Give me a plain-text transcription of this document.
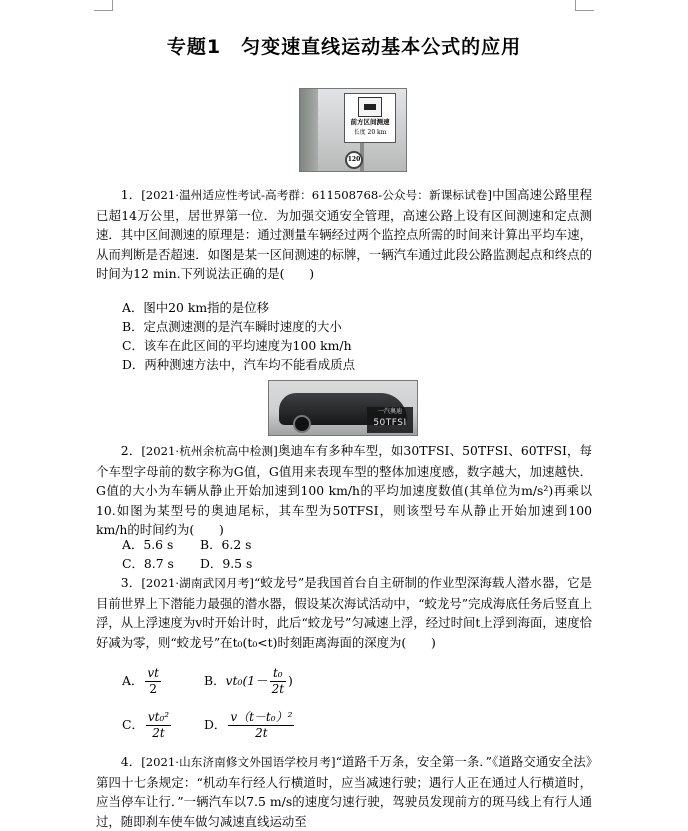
专题1　匀变速直线运动基本公式的应用
前方区间测速
长度 20 km
120
1．[2021·温州适应性考试-高考群：611508768-公众号：新课标试卷]中国高速公路里程已超14万公里，居世界第一位．为加强交通安全管理，高速公路上设有区间测速和定点测速．其中区间测速的原理是：通过测量车辆经过两个监控点所需的时间来计算出平均车速，从而判断是否超速．如图是某一区间测速的标牌，一辆汽车通过此段公路监测起点和终点的时间为12 min.下列说法正确的是(　　)
A．图中20 km指的是位移
B．定点测速测的是汽车瞬时速度的大小
C．该车在此区间的平均速度为100 km/h
D．两种测速方法中，汽车均不能看成质点
一汽奥迪
50TFSI
2．[2021·杭州余杭高中检测]奥迪车有多种车型，如30TFSI、50TFSI、60TFSI，每个车型字母前的数字称为G值，G值用来表现车型的整体加速度感，数字越大，加速越快．G值的大小为车辆从静止开始加速到100 km/h的平均加速度数值(其单位为m/s²)再乘以10.如图为某型号的奥迪尾标，其车型为50TFSI，则该型号车从静止开始加速到100 km/h的时间约为(　　)
A．5.6 s B．6.2 s
C．8.7 s D．9.5 s
3．[2021·湖南武冈月考]“蛟龙号”是我国首台自主研制的作业型深海载人潜水器，它是目前世界上下潜能力最强的潜水器，假设某次海试活动中，“蛟龙号”完成海底任务后竖直上浮，从上浮速度为v时开始计时，此后“蛟龙号”匀减速上浮，经过时间t上浮到海面，速度恰好减为零，则“蛟龙号”在t₀(t₀<t)时刻距离海面的深度为(　　)
A． $\frac{vt}{2}$	B．$vt_0(1- \frac{\text{t₀}}{2t}$ )
C． $\frac{\text{vt₀²}}{2t}$	D． $\frac{\text{v（t－t₀）²}}{2t}$
4．[2021·山东济南修文外国语学校月考]“道路千万条，安全第一条．”《道路交通安全法》第四十七条规定：“机动车行经人行横道时，应当减速行驶；遇行人正在通过人行横道时，应当停车让行．”一辆汽车以7.5 m/s的速度匀速行驶，驾驶员发现前方的斑马线上有行人通过，随即刹车使车做匀减速直线运动至
